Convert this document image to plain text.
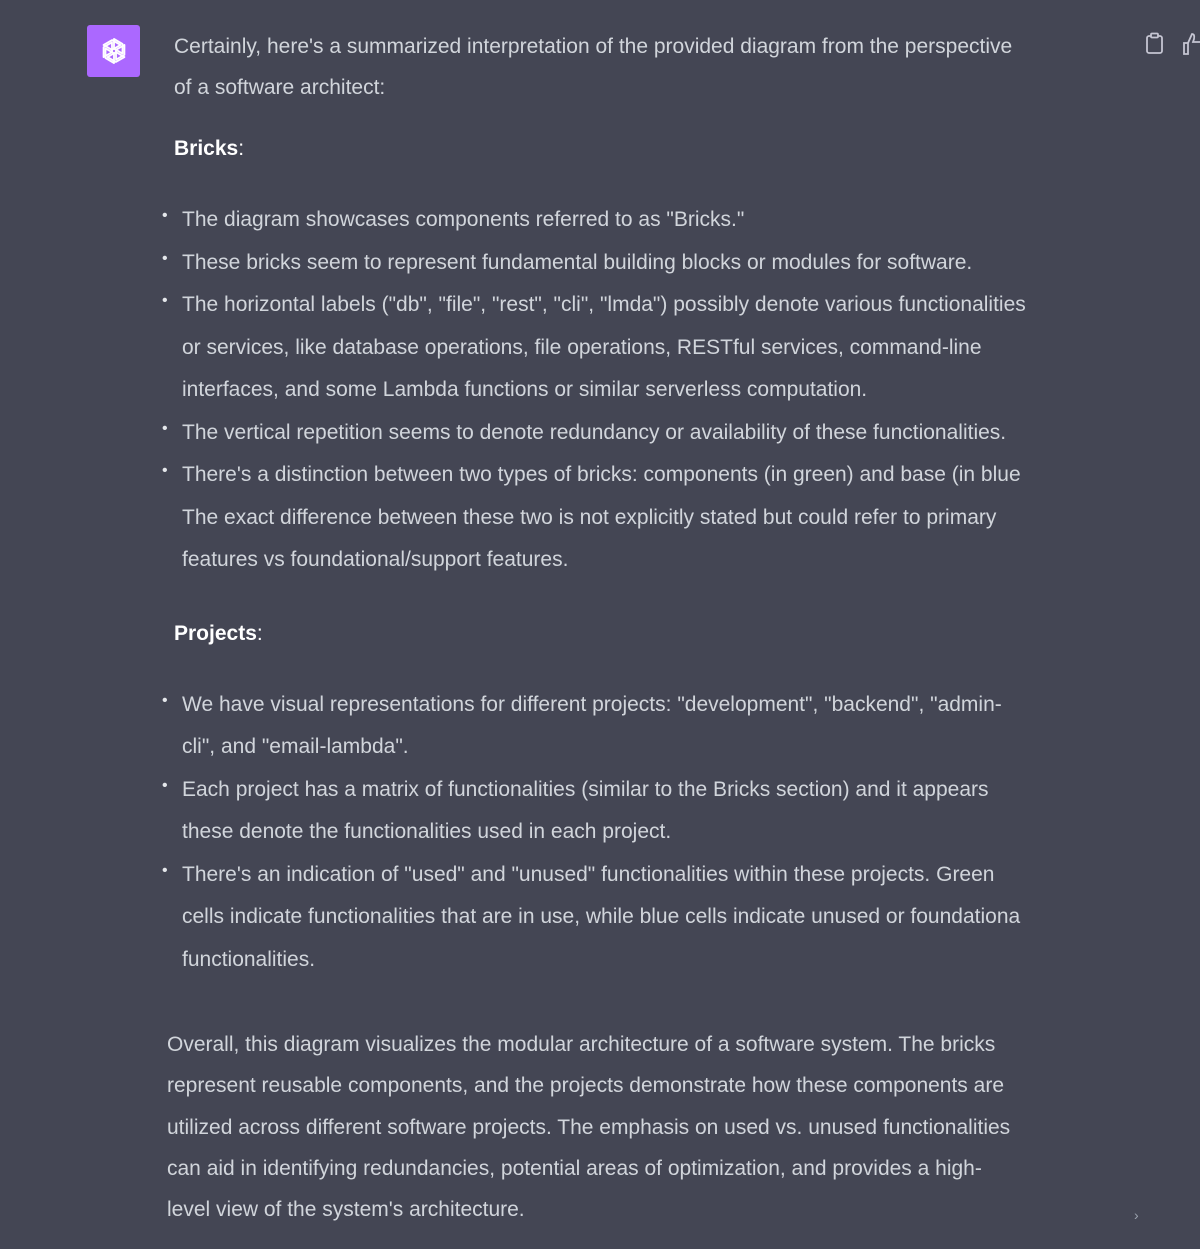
Certainly, here's a summarized interpretation of the provided diagram from the perspective
of a software architect:

Bricks:

• The diagram showcases components referred to as "Bricks."
• These bricks seem to represent fundamental building blocks or modules for software.
• The horizontal labels ("db", "file", "rest", "cli", "lmda") possibly denote various functionalities
or services, like database operations, file operations, RESTful services, command-line
interfaces, and some Lambda functions or similar serverless computation.
• The vertical repetition seems to denote redundancy or availability of these functionalities.
• There's a distinction between two types of bricks: components (in green) and base (in blue
The exact difference between these two is not explicitly stated but could refer to primary
features vs foundational/support features.

Projects:

• We have visual representations for different projects: "development", "backend", "admin-
cli", and "email-lambda".
• Each project has a matrix of functionalities (similar to the Bricks section) and it appears
these denote the functionalities used in each project.
• There's an indication of "used" and "unused" functionalities within these projects. Green
cells indicate functionalities that are in use, while blue cells indicate unused or foundationa
functionalities.

Overall, this diagram visualizes the modular architecture of a software system. The bricks
represent reusable components, and the projects demonstrate how these components are
utilized across different software projects. The emphasis on used vs. unused functionalities
can aid in identifying redundancies, potential areas of optimization, and provides a high-
level view of the system's architecture.	›
